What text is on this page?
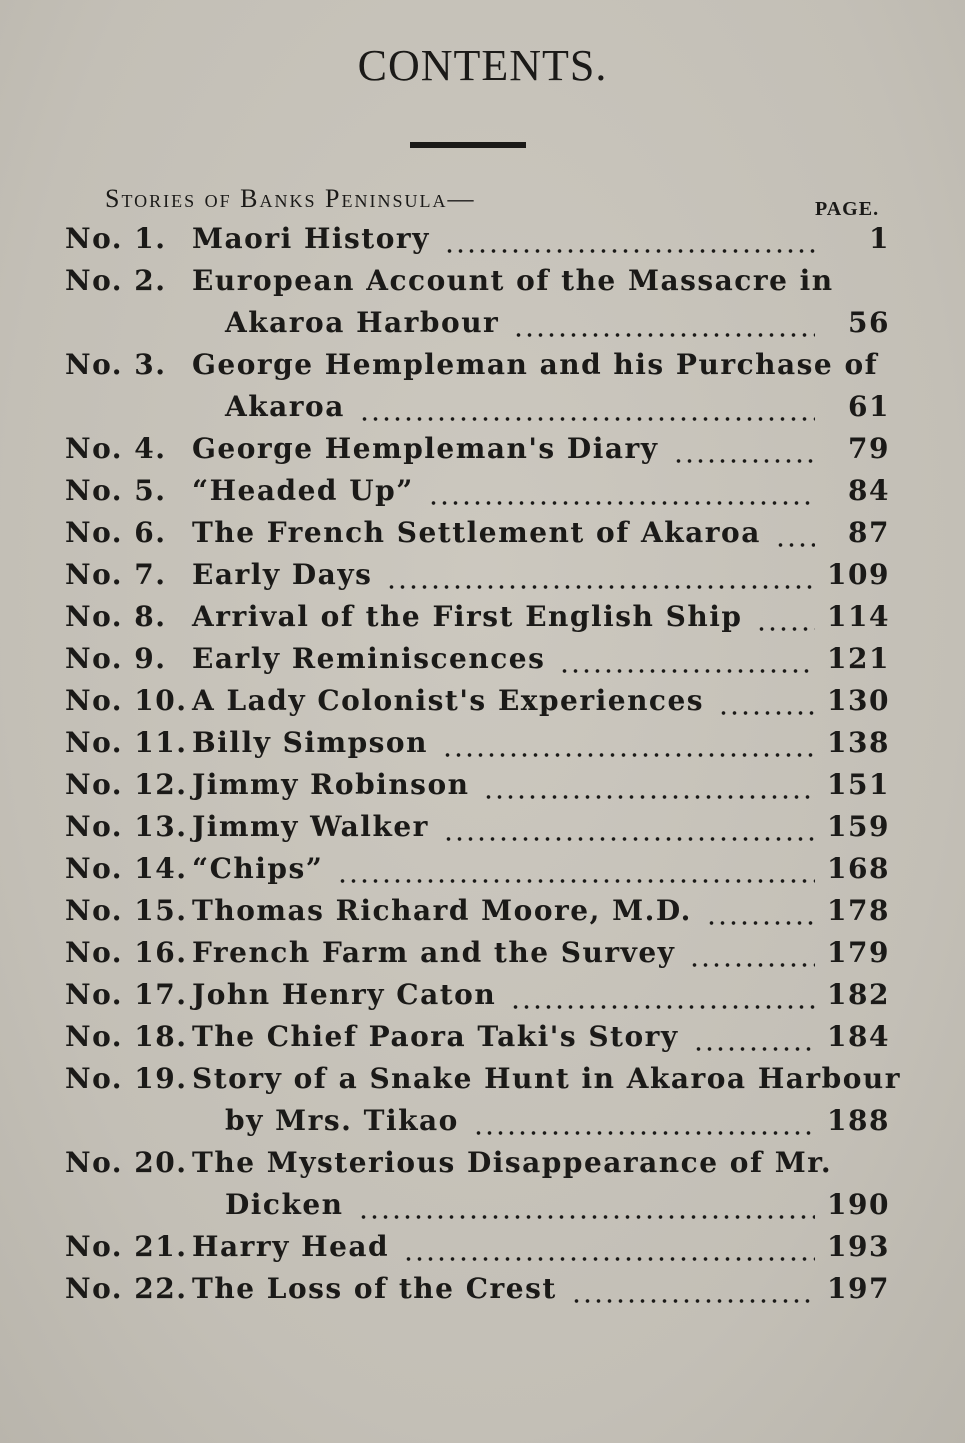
CONTENTS.
Stories of Banks Peninsula—	PAGE.
No. 1. Maori History	1
No. 2. European Account of the Massacre in
Akaroa Harbour	56
No. 3. George Hempleman and his Purchase of
Akaroa	61
No. 4. George Hempleman's Diary	79
No. 5. “Headed Up”	84
No. 6. The French Settlement of Akaroa	87
No. 7. Early Days	109
No. 8. Arrival of the First English Ship	114
No. 9. Early Reminiscences	121
No. 10. A Lady Colonist's Experiences	130
No. 11. Billy Simpson	138
No. 12. Jimmy Robinson	151
No. 13. Jimmy Walker	159
No. 14. “Chips”	168
No. 15. Thomas Richard Moore, M.D.	178
No. 16. French Farm and the Survey	179
No. 17. John Henry Caton	182
No. 18. The Chief Paora Taki's Story	184
No. 19. Story of a Snake Hunt in Akaroa Harbour
by Mrs. Tikao	188
No. 20. The Mysterious Disappearance of Mr.
Dicken	190
No. 21. Harry Head	193
No. 22. The Loss of the Crest	197
